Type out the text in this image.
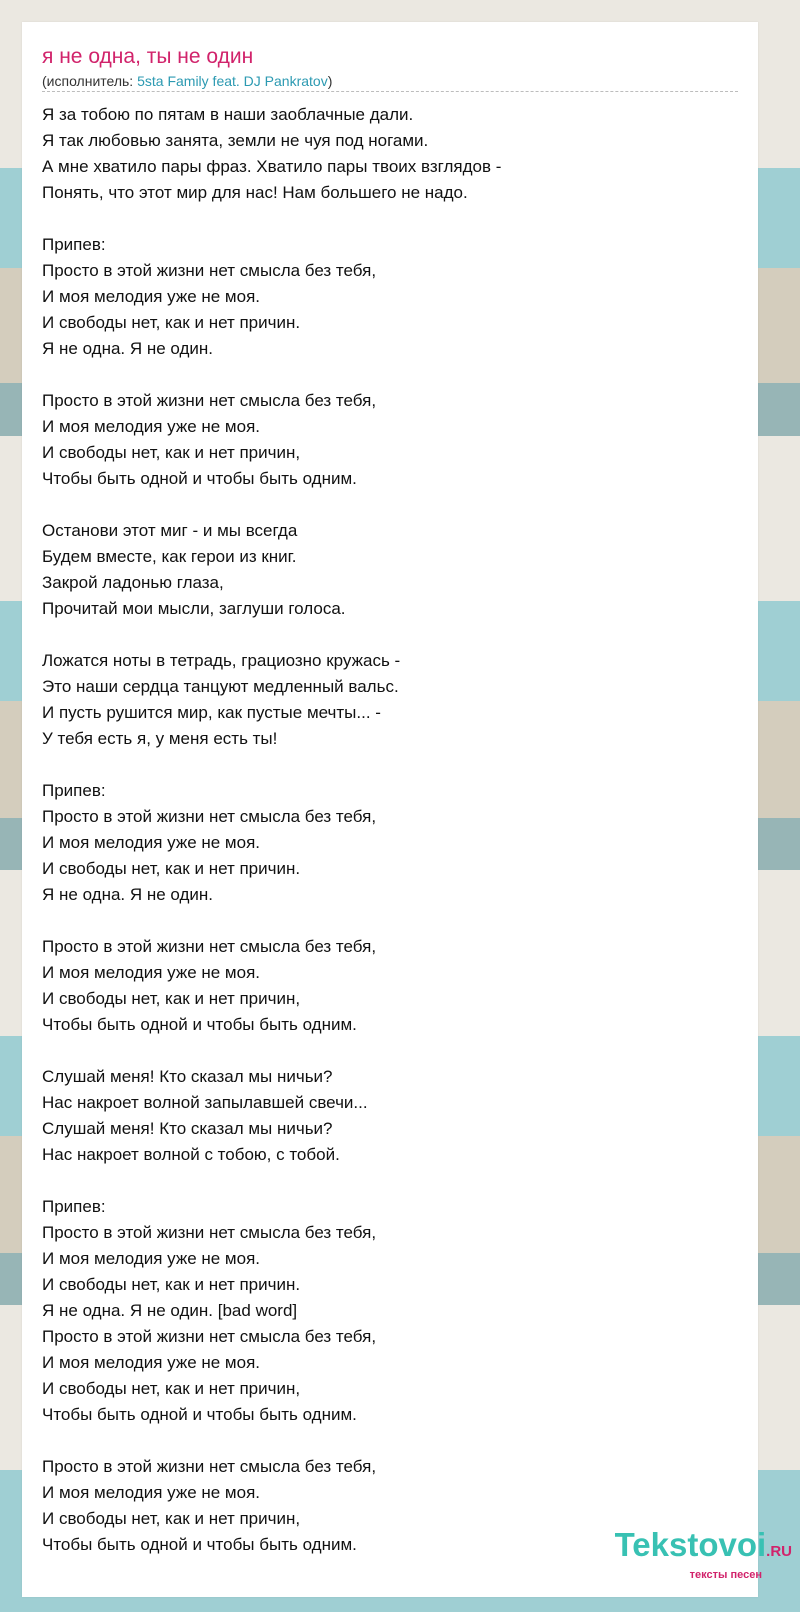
я не одна, ты не один
(исполнитель: 5sta Family feat. DJ Pankratov)
Я за тобою по пятам в наши заоблачные дали.
Я так любовью занята, земли не чуя под ногами.
А мне хватило пары фраз. Хватило пары твоих взглядов -
Понять, что этот мир для нас! Нам большего не надо.
Припев:
Просто в этой жизни нет смысла без тебя,
И моя мелодия уже не моя.
И свободы нет, как и нет причин.
Я не одна. Я не один.
Просто в этой жизни нет смысла без тебя,
И моя мелодия уже не моя.
И свободы нет, как и нет причин,
Чтобы быть одной и чтобы быть одним.
Останови этот миг - и мы всегда
Будем вместе, как герои из книг.
Закрой ладонью глаза,
Прочитай мои мысли, заглуши голоса.
Ложатся ноты в тетрадь, грациозно кружась -
Это наши сердца танцуют медленный вальс.
И пусть рушится мир, как пустые мечты... -
У тебя есть я, у меня есть ты!
Припев:
Просто в этой жизни нет смысла без тебя,
И моя мелодия уже не моя.
И свободы нет, как и нет причин.
Я не одна. Я не один.
Просто в этой жизни нет смысла без тебя,
И моя мелодия уже не моя.
И свободы нет, как и нет причин,
Чтобы быть одной и чтобы быть одним.
Слушай меня! Кто сказал мы ничьи?
Нас накроет волной запылавшей свечи...
Слушай меня! Кто сказал мы ничьи?
Нас накроет волной с тобою, с тобой.
Припев:
Просто в этой жизни нет смысла без тебя,
И моя мелодия уже не моя.
И свободы нет, как и нет причин.
Я не одна. Я не один. [bad word]
Просто в этой жизни нет смысла без тебя,
И моя мелодия уже не моя.
И свободы нет, как и нет причин,
Чтобы быть одной и чтобы быть одним.
Просто в этой жизни нет смысла без тебя,
И моя мелодия уже не моя.
И свободы нет, как и нет причин,
Чтобы быть одной и чтобы быть одним.	Tekstovoi.RU
тексты песен
